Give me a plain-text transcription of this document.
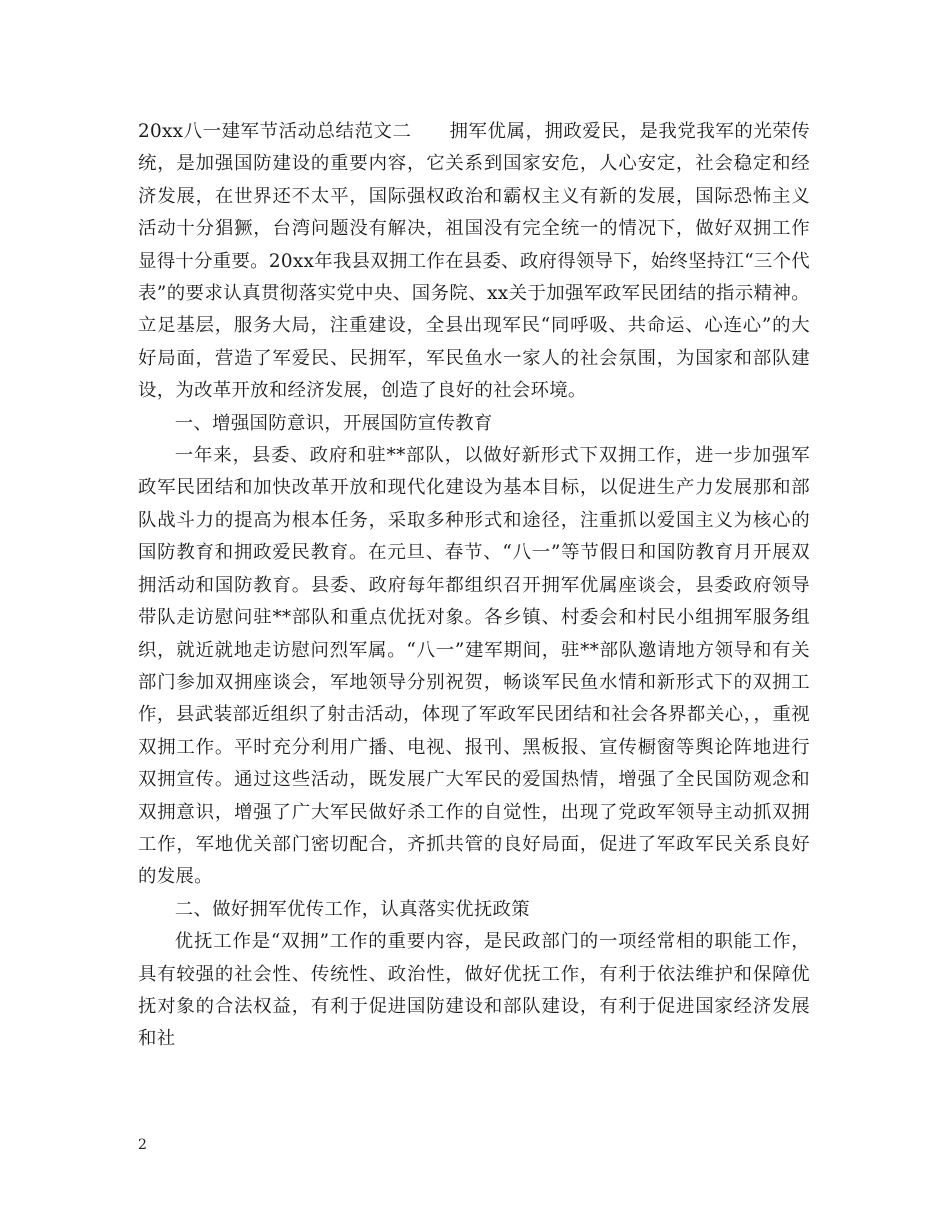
20xx八一建军节活动总结范文二　　拥军优属，拥政爱民，是我党我军的光荣传统，是加强国防建设的重要内容，它关系到国家安危，人心安定，社会稳定和经济发展，在世界还不太平，国际强权政治和霸权主义有新的发展，国际恐怖主义活动十分猖獗，台湾问题没有解决，祖国没有完全统一的情况下，做好双拥工作显得十分重要。20xx年我县双拥工作在县委、政府得领导下，始终坚持江“三个代表”的要求认真贯彻落实党中央、国务院、xx关于加强军政军民团结的指示精神。立足基层，服务大局，注重建设，全县出现军民“同呼吸、共命运、心连心”的大好局面，营造了军爱民、民拥军，军民鱼水一家人的社会氛围，为国家和部队建设，为改革开放和经济发展，创造了良好的社会环境。

一、增强国防意识，开展国防宣传教育

一年来，县委、政府和驻**部队，以做好新形式下双拥工作，进一步加强军政军民团结和加快改革开放和现代化建设为基本目标，以促进生产力发展那和部队战斗力的提高为根本任务，采取多种形式和途径，注重抓以爱国主义为核心的国防教育和拥政爱民教育。在元旦、春节、“八一”等节假日和国防教育月开展双拥活动和国防教育。县委、政府每年都组织召开拥军优属座谈会，县委政府领导带队走访慰问驻**部队和重点优抚对象。各乡镇、村委会和村民小组拥军服务组织，就近就地走访慰问烈军属。“八一”建军期间，驻**部队邀请地方领导和有关部门参加双拥座谈会，军地领导分别祝贺，畅谈军民鱼水情和新形式下的双拥工作，县武装部近组织了射击活动，体现了军政军民团结和社会各界都关心，，重视双拥工作。平时充分利用广播、电视、报刊、黑板报、宣传橱窗等舆论阵地进行双拥宣传。通过这些活动，既发展广大军民的爱国热情，增强了全民国防观念和双拥意识，增强了广大军民做好杀工作的自觉性，出现了党政军领导主动抓双拥工作，军地优关部门密切配合，齐抓共管的良好局面，促进了军政军民关系良好的发展。

二、做好拥军优传工作，认真落实优抚政策

优抚工作是“双拥”工作的重要内容，是民政部门的一项经常相的职能工作，具有较强的社会性、传统性、政治性，做好优抚工作，有利于依法维护和保障优抚对象的合法权益，有利于促进国防建设和部队建设，有利于促进国家经济发展和社

2
